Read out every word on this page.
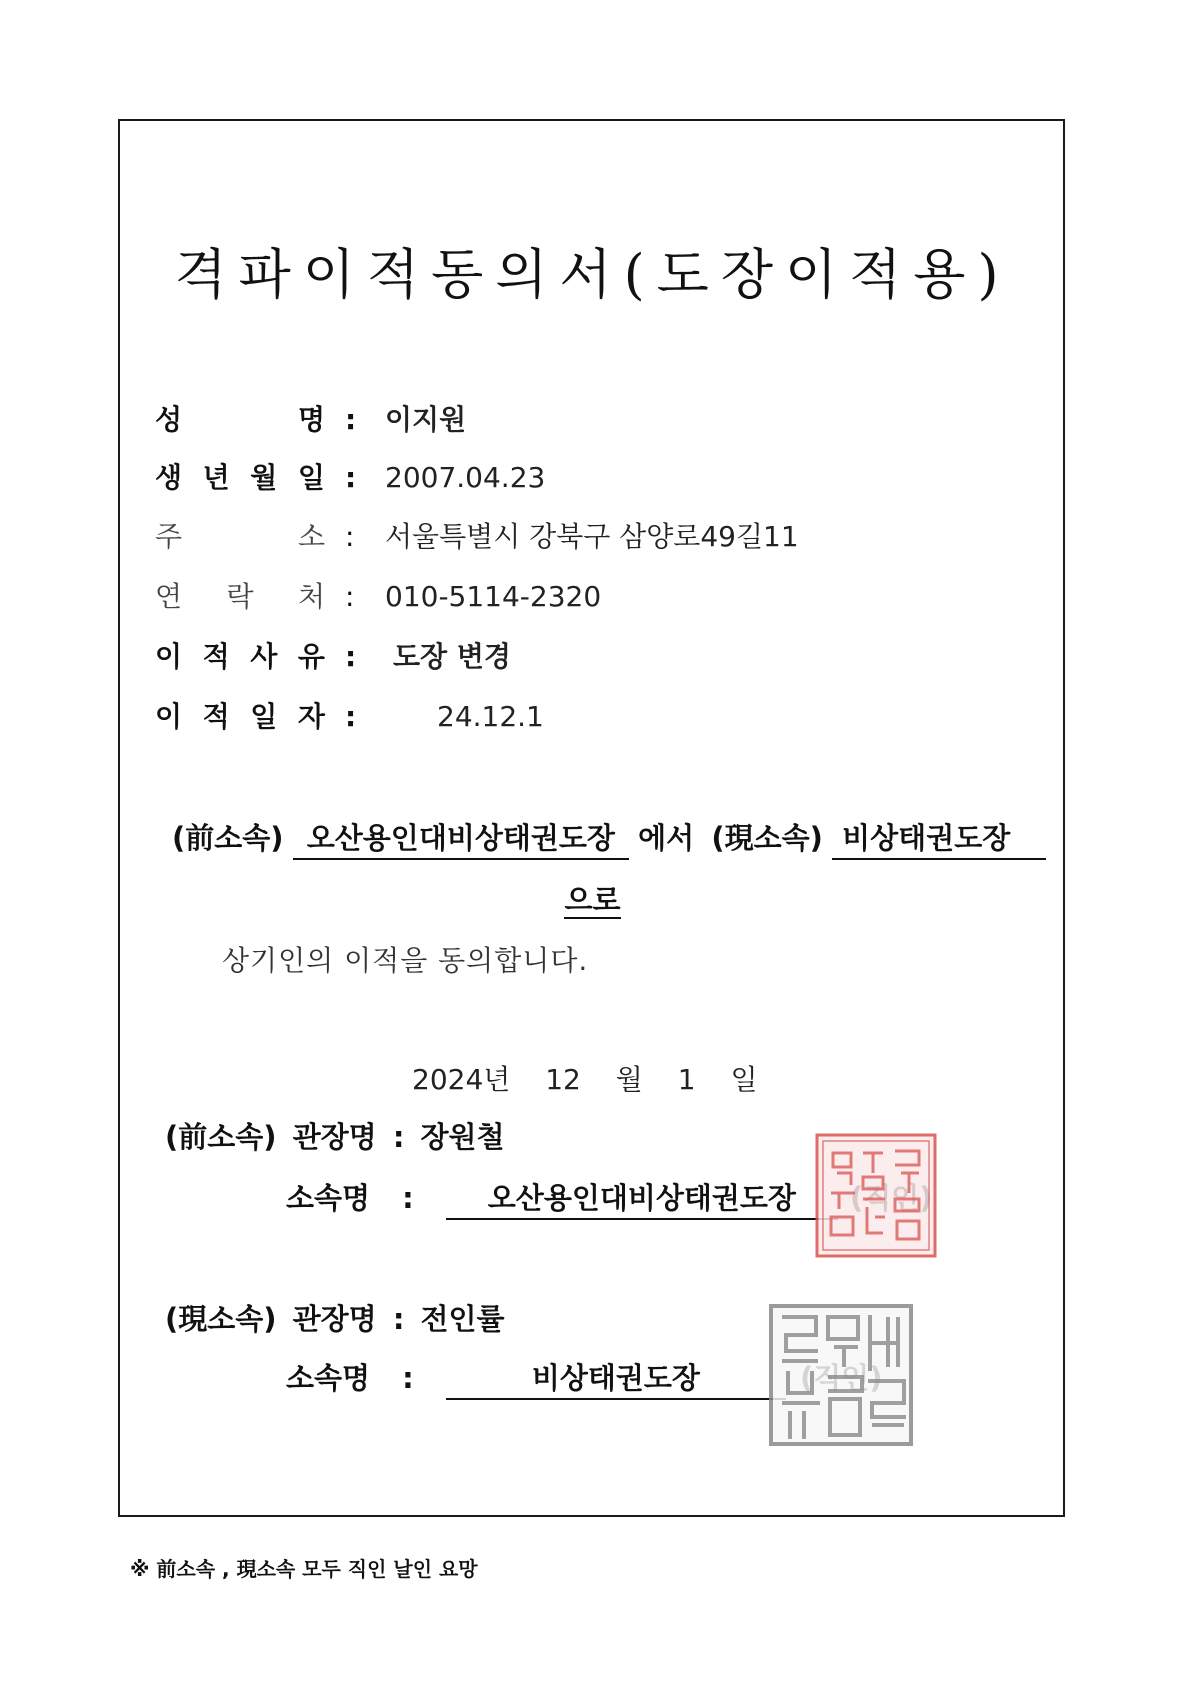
격파이적동의서(도장이적용)
성	명 : 이지원
생 년 월 일 : 2007.04.23
주	소 : 서울특별시 강북구 삼양로49길11
연 락 처 : 010-5114-2320
이 적 사 유 : 도장 변경
이 적 일 자 :	24.12.1
(前소속) 오산용인대비상태권도장 에서 (現소속) 비상태권도장
으로
상기인의 이적을 동의합니다.
2024년 12 월 1 일
(前소속) 관장명 : 장원철
소속명 :	오산용인대비상태권도장
(現소속) 관장명 : 전인률
소속명 :	비상태권도장
※ 前소속 , 現소속 모두 직인 날인 요망
